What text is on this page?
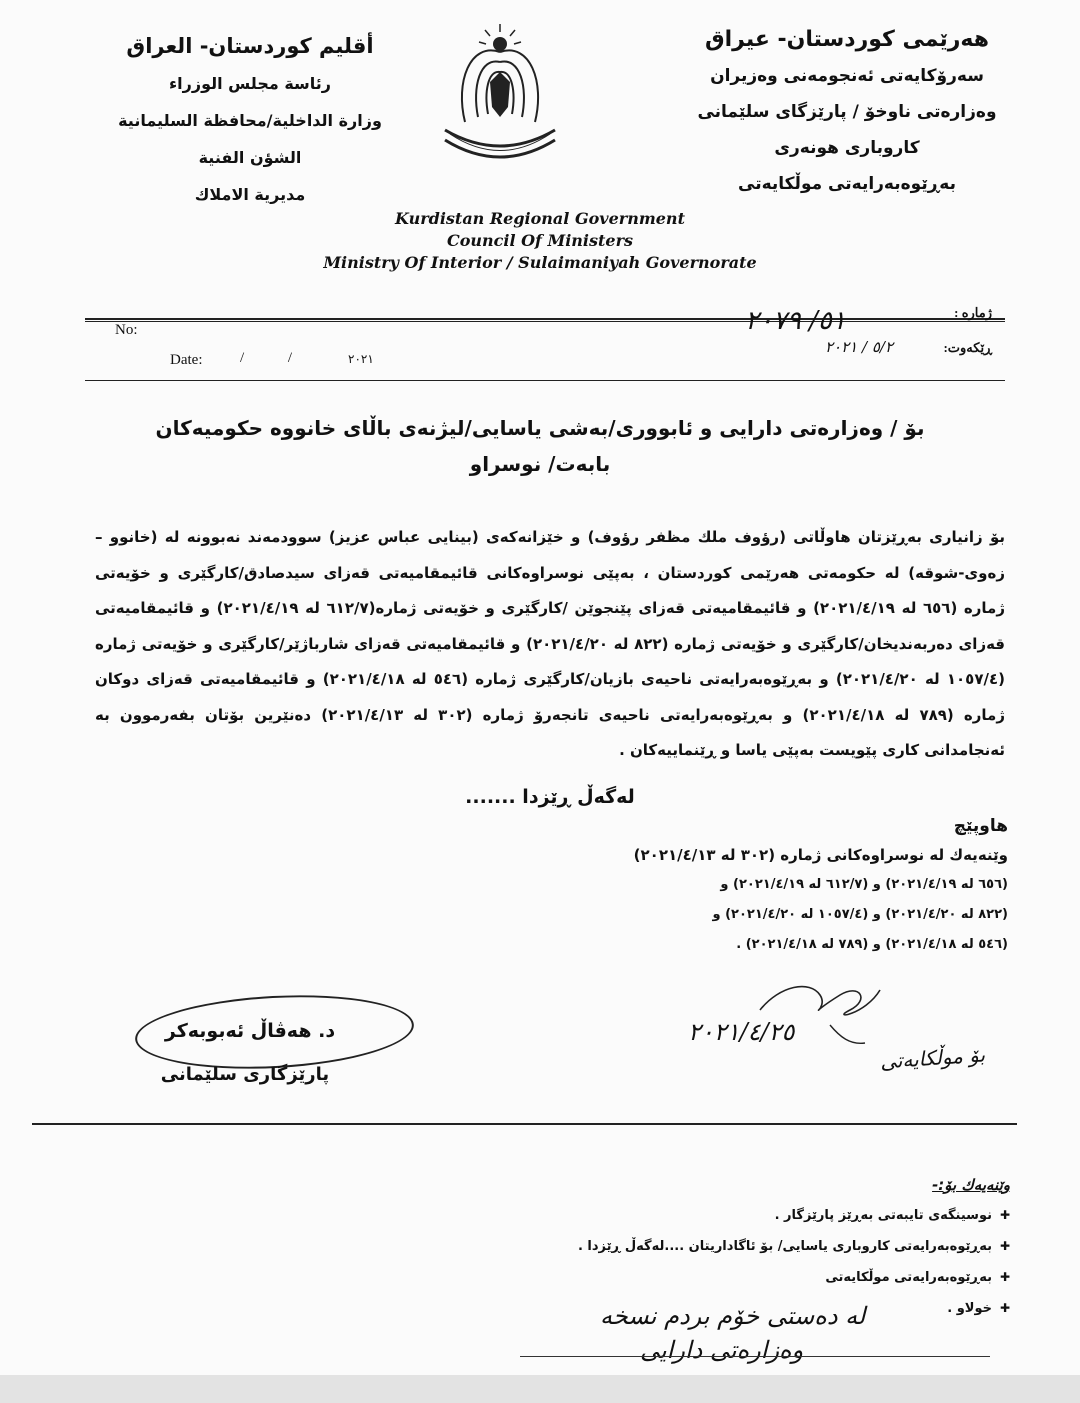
هەرێمی کوردستان- عیراق
سەرۆکایەتی ئەنجومەنی وەزیران
وەزارەتی ناوخۆ / پارێزگای سلێمانی
کاروباری هونەری
بەڕێوەبەرایەتی موڵکایەتی
أقليم كوردستان- العراق
رئاسة مجلس الوزراء
وزارة الداخلية/محافظة السليمانية
الشؤن الفنية
مديرية الاملاك
Kurdistan Regional Government
Council Of Ministers
Ministry Of Interior / Sulaimaniyah Governorate
No:
Date:	/ /	٢٠٢١
ژمارە :
٥١/ ٢٠٧٩
ڕێکەوت:
٥/٢ / ٢٠٢١
بۆ / وەزارەتی دارایی و ئابووری/بەشی یاسایی/لیژنەی باڵای خانووە حکومیەکان
بابەت/ نوسراو
بۆ زانیاری بەڕێزتان هاوڵاتی (رؤوف ملك مظفر رؤوف) و خێزانەکەی (بینایی عباس عزیز) سوودمەند نەبوونە لە (خانوو – زەوی-شوقە) لە حکومەتی هەرێمی کوردستان ، بەپێی نوسراوەکانی قائیمقامیەتی قەزای سیدصادق/کارگێری و خۆیەتی ژمارە (٦٥٦ لە ٢٠٢١/٤/١٩) و قائیمقامیەتی قەزای پێنجوێن /کارگێری و خۆیەتی ژمارە(٦١٢/٧ لە ٢٠٢١/٤/١٩) و قائیمقامیەتی قەزای دەربەندیخان/کارگێری و خۆیەتی ژمارە (٨٢٢ لە ٢٠٢١/٤/٢٠) و قائیمقامیەتی قەزای شارباژێر/کارگێری و خۆیەتی ژمارە (١٠٥٧/٤ لە ٢٠٢١/٤/٢٠) و بەڕێوەبەرایەتی ناحیەی بازیان/کارگێری ژمارە (٥٤٦ لە ٢٠٢١/٤/١٨) و قائیمقامیەتی قەزای دوکان ژمارە (٧٨٩ لە ٢٠٢١/٤/١٨) و بەڕێوەبەرایەتی ناحیەی تانجەرۆ ژمارە (٣٠٢ لە ٢٠٢١/٤/١٣) دەنێرین بۆتان بفەرموون بە ئەنجامدانی کاری پێویست بەپێی یاسا و ڕێنماییەکان .
لەگەڵ ڕێزدا .......
هاوپێچ
وێنەیەك لە نوسراوەکانی ژمارە (٣٠٢ لە ٢٠٢١/٤/١٣)
(٦٥٦ لە ٢٠٢١/٤/١٩) و (٦١٢/٧ لە ٢٠٢١/٤/١٩) و
(٨٢٢ لە ٢٠٢١/٤/٢٠) و (١٠٥٧/٤ لە ٢٠٢١/٤/٢٠) و
(٥٤٦ لە ٢٠٢١/٤/١٨) و (٧٨٩ لە ٢٠٢١/٤/١٨) .
٢٠٢١/٤/٢٥
بۆ موڵکایەتی
د. هەڤاڵ ئەبوبەکر
پارێزگاری سلێمانی
وێنەیەك بۆ:-
✚نوسینگەی تایبەتی بەڕێز پارێزگار .
✚بەڕێوەبەرایەتی کاروباری یاسایی/ بۆ ئاگاداریتان ....لەگەڵ ڕێزدا .
✚بەڕێوەبەرایەتی موڵکایەتی
✚خولاو .
لە دەستی خۆم بردم نسخە
وەزارەتی دارایی
